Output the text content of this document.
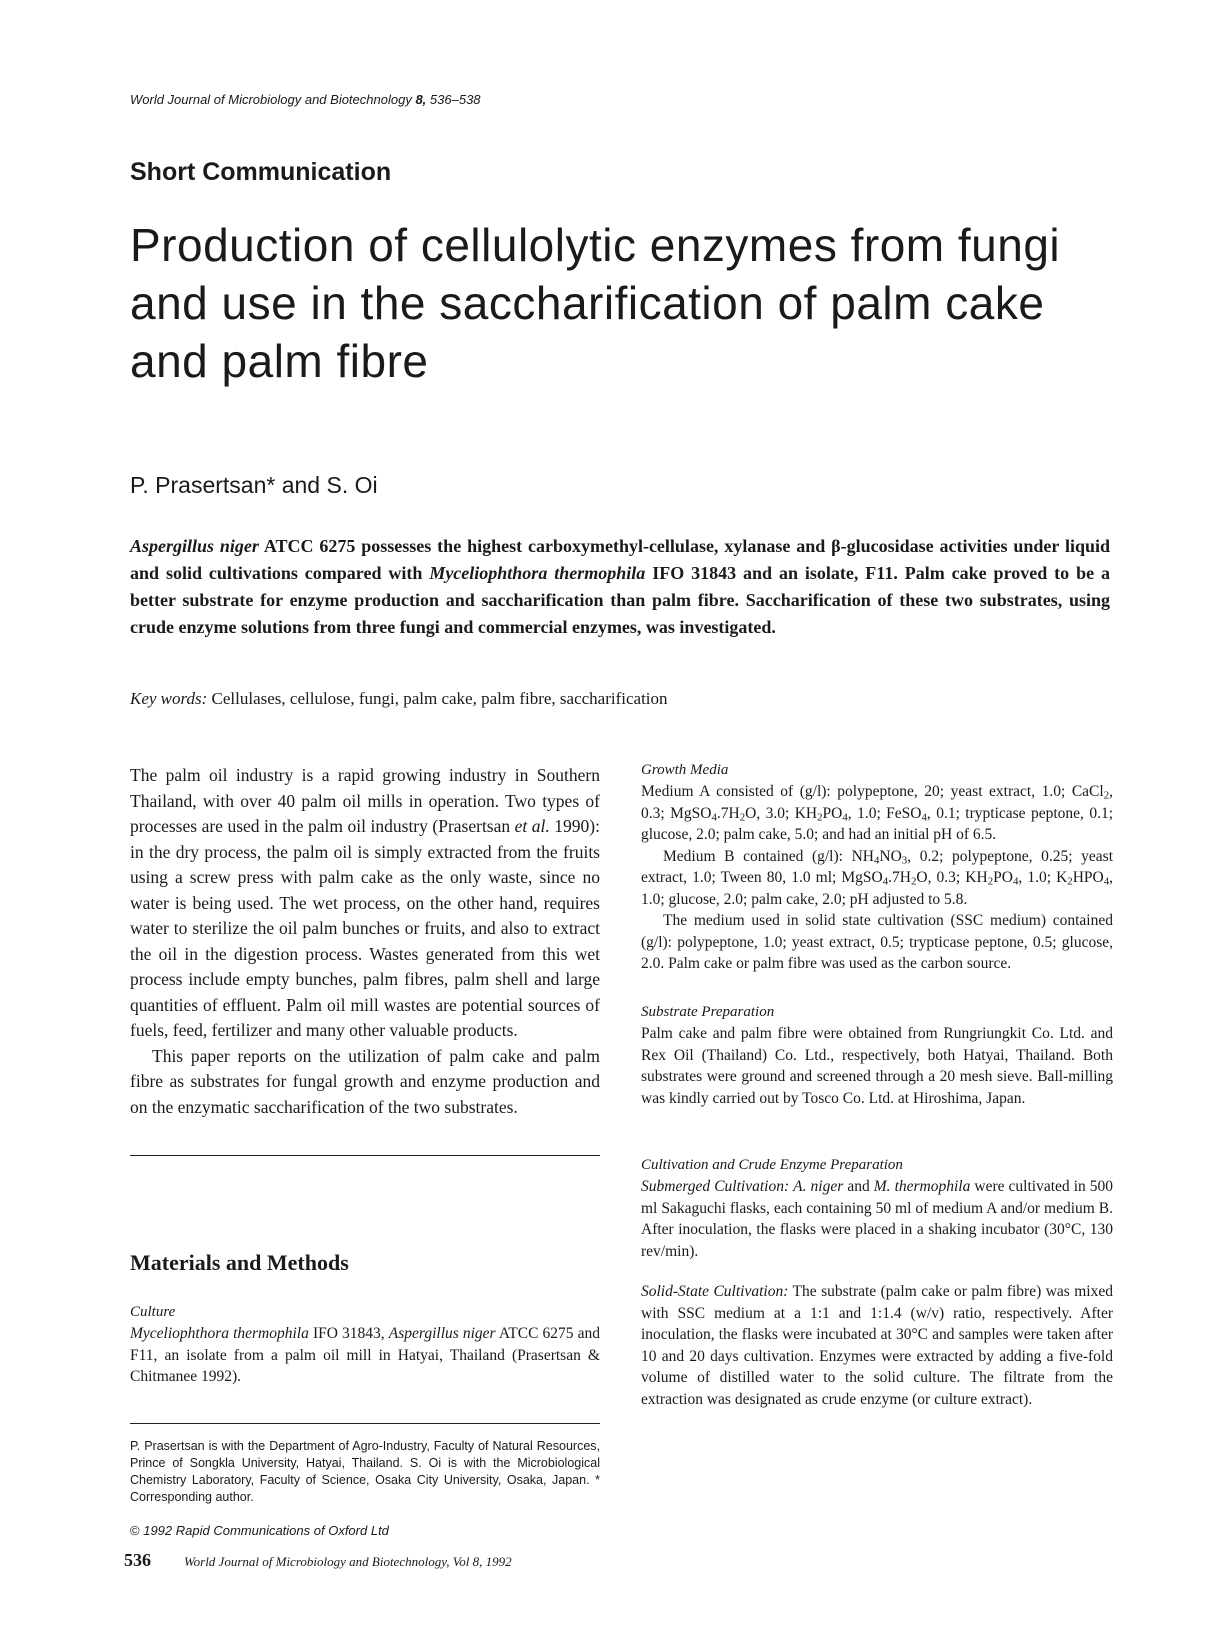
World Journal of Microbiology and Biotechnology 8, 536–538
Short Communication
Production of cellulolytic enzymes from fungi and use in the saccharification of palm cake and palm fibre
P. Prasertsan* and S. Oi

Aspergillus niger ATCC 6275 possesses the highest carboxymethyl-cellulase, xylanase and β-glucosidase activities under liquid and solid cultivations compared with Myceliophthora thermophila IFO 31843 and an isolate, F11. Palm cake proved to be a better substrate for enzyme production and saccharification than palm fibre. Saccharification of these two substrates, using crude enzyme solutions from three fungi and commercial enzymes, was investigated.

Key words: Cellulases, cellulose, fungi, palm cake, palm fibre, saccharification

The palm oil industry is a rapid growing industry in Southern Thailand, with over 40 palm oil mills in operation. Two types of processes are used in the palm oil industry (Prasertsan et al. 1990): in the dry process, the palm oil is simply extracted from the fruits using a screw press with palm cake as the only waste, since no water is being used. The wet process, on the other hand, requires water to sterilize the oil palm bunches or fruits, and also to extract the oil in the digestion process. Wastes generated from this wet process include empty bunches, palm fibres, palm shell and large quantities of effluent. Palm oil mill wastes are potential sources of fuels, feed, fertilizer and many other valuable products.

This paper reports on the utilization of palm cake and palm fibre as substrates for fungal growth and enzyme production and on the enzymatic saccharification of the two substrates.

Materials and Methods

Culture

Myceliophthora thermophila IFO 31843, Aspergillus niger ATCC 6275 and F11, an isolate from a palm oil mill in Hatyai, Thailand (Prasertsan & Chitmanee 1992).

P. Prasertsan is with the Department of Agro-Industry, Faculty of Natural Resources, Prince of Songkla University, Hatyai, Thailand. S. Oi is with the Microbiological Chemistry Laboratory, Faculty of Science, Osaka City University, Osaka, Japan. * Corresponding author.

© 1992 Rapid Communications of Oxford Ltd
536	World Journal of Microbiology and Biotechnology, Vol 8, 1992

Growth Media

Medium A consisted of (g/l): polypeptone, 20; yeast extract, 1.0; CaCl$_2$, 0.3; $MgSO_4.7H_2O$, 3.0; $KH_2PO_4$, 1.0; FeSO$_4$, 0.1; trypticase peptone, 0.1; glucose, 2.0; palm cake, 5.0; and had an initial pH of 6.5.

Medium B contained (g/l): $NH_4NO_3$, 0.2; polypeptone, 0.25; yeast extract, 1.0; Tween 80, 1.0 ml; $MgSO_4.7H_2O$, 0.3; $KH_2PO_4$, 1.0; $K_2HPO_4$, 1.0; glucose, 2.0; palm cake, 2.0; pH adjusted to 5.8.

The medium used in solid state cultivation (SSC medium) contained (g/l): polypeptone, 1.0; yeast extract, 0.5; trypticase peptone, 0.5; glucose, 2.0. Palm cake or palm fibre was used as the carbon source.

Substrate Preparation

Palm cake and palm fibre were obtained from Rungriungkit Co. Ltd. and Rex Oil (Thailand) Co. Ltd., respectively, both Hatyai, Thailand. Both substrates were ground and screened through a 20 mesh sieve. Ball-milling was kindly carried out by Tosco Co. Ltd. at Hiroshima, Japan.

Cultivation and Crude Enzyme Preparation

Submerged Cultivation: A. niger and M. thermophila were cultivated in 500 ml Sakaguchi flasks, each containing 50 ml of medium A and/or medium B. After inoculation, the flasks were placed in a shaking incubator (30°C, 130 rev/min).

Solid-State Cultivation: The substrate (palm cake or palm fibre) was mixed with SSC medium at a 1:1 and 1:1.4 (w/v) ratio, respectively. After inoculation, the flasks were incubated at 30°C and samples were taken after 10 and 20 days cultivation. Enzymes were extracted by adding a five-fold volume of distilled water to the solid culture. The filtrate from the extraction was designated as crude enzyme (or culture extract).
